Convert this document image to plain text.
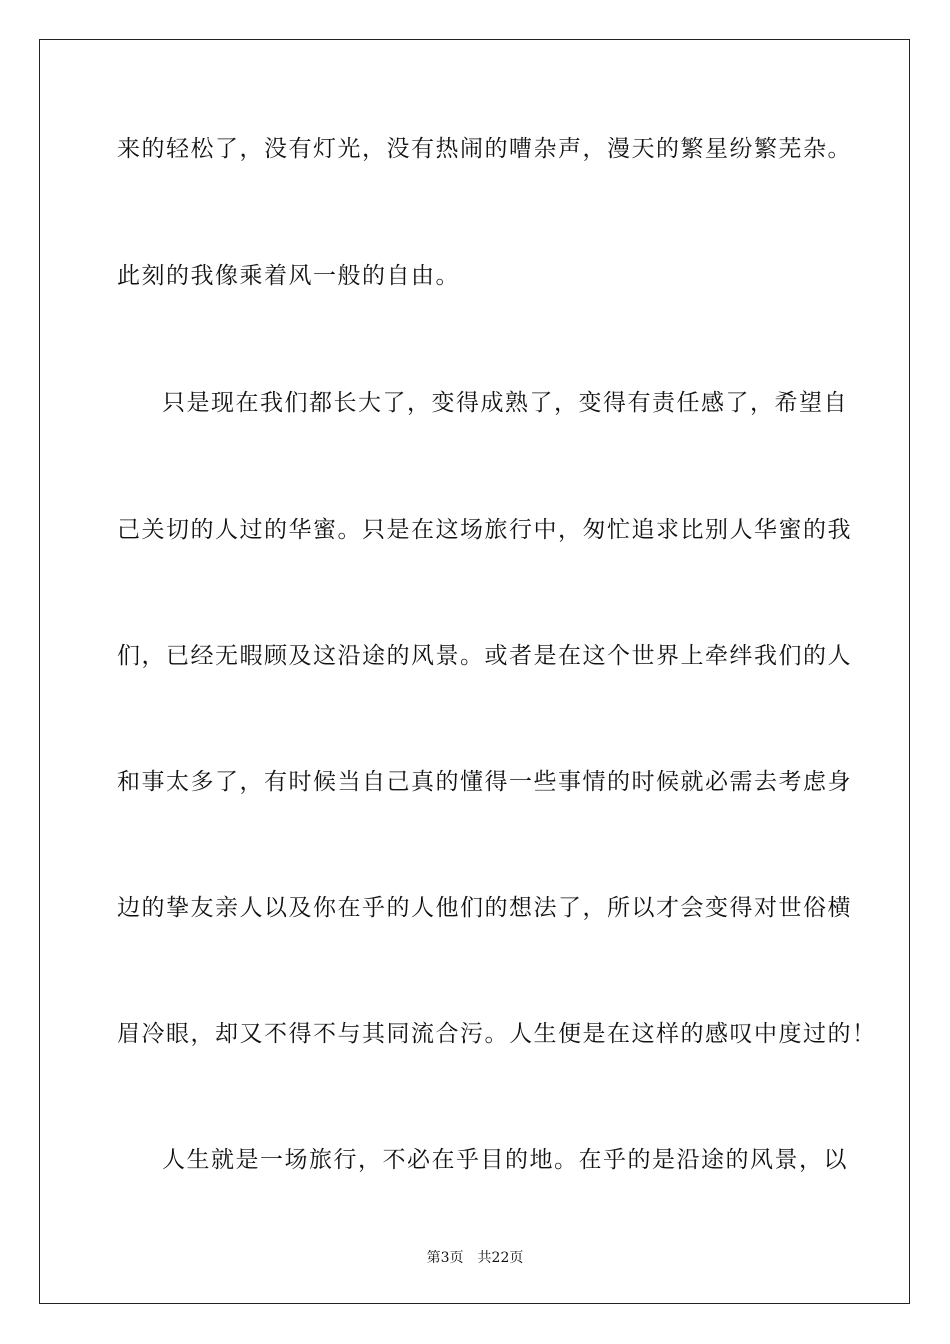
来的轻松了，没有灯光，没有热闹的嘈杂声，漫天的繁星纷繁芜杂。
此刻的我像乘着风一般的自由。
只是现在我们都长大了，变得成熟了，变得有责任感了，希望自
己关切的人过的华蜜。只是在这场旅行中，匆忙追求比别人华蜜的我
们，已经无暇顾及这沿途的风景。或者是在这个世界上牵绊我们的人
和事太多了，有时候当自己真的懂得一些事情的时候就必需去考虑身
边的挚友亲人以及你在乎的人他们的想法了，所以才会变得对世俗横
眉冷眼，却又不得不与其同流合污。人生便是在这样的感叹中度过的！
人生就是一场旅行，不必在乎目的地。在乎的是沿途的风景，以
第3页 共22页
